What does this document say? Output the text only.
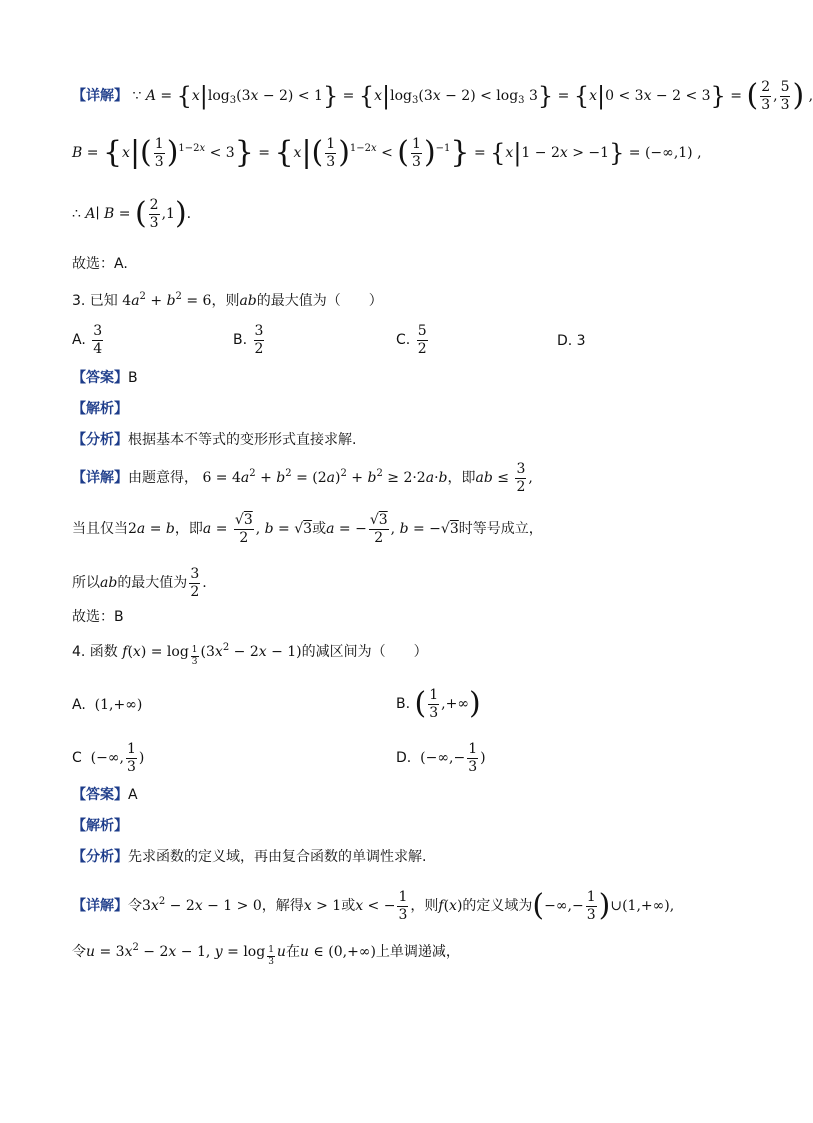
【详解】 ∵ $A = \{x|\log_3(3x - 2) < 1\} = \{x|\log_3(3x - 2) < \log_3 3\} = \{x|0 < 3x - 2 < 3\}$ = ( $\frac{2}{3}$ , $\frac{5}{3}$ ) ,
$B = \{x|( \frac{1}{3} )^{1-2x} < 3\} = \{x|( \frac{1}{3} )^{1-2x}$ < ( $\frac{1}{3} )^{-1}\} = \{x|1 - 2x > -1\} = (-\infty,1)$ ,
∴ A∣ B = ( $\frac{2}{3} ,1$).
故选：A.
3. 已知 $4a^2 + b^2 = 6$，则ab的最大值为（　　）
A. $\frac{3}{4}$	B. $\frac{3}{2}$	C. $\frac{5}{2}$	D. 3
【答案】B
【解析】
【分析】根据基本不等式的变形形式直接求解.
【详解】由题意得， $6 = 4a^2 + b^2 = (2a)^2 + b^2 \ge 2\cdot 2a\cdot b$，即ab ≤ $\frac{3}{2}$ ,
当且仅当2a = b，即$a = \frac{√3}{2}$ , b = √3或a = − $\frac{√3}{2}$ , b = −√3时等号成立，
所以ab的最大值为 $\frac{3}{2}$ .
故选：B
4. 函数 f(x) = log $_{\frac{1}{3}}$ $(3x^2 - 2x - 1)$的减区间为（　　）
A.  (1,+∞)	B. ( $\frac{1}{3}$ ,+∞)
C  (−∞, $\frac{1}{3}$ )	D.  (−∞,− $\frac{1}{3}$ )
【答案】A
【解析】
【分析】先求函数的定义域，再由复合函数的单调性求解.
【详解】令$3x^2 - 2x - 1 > 0$，解得x > 1或x < − $\frac{1}{3}$ ，则f(x)的定义域为(−∞,− $\frac{1}{3}$ )∪(1,+∞),
令$u = 3x^2 - 2x - 1$, y = log $_{\frac{1}{3}}$ u在u ∈ (0,+∞)上单调递减，
